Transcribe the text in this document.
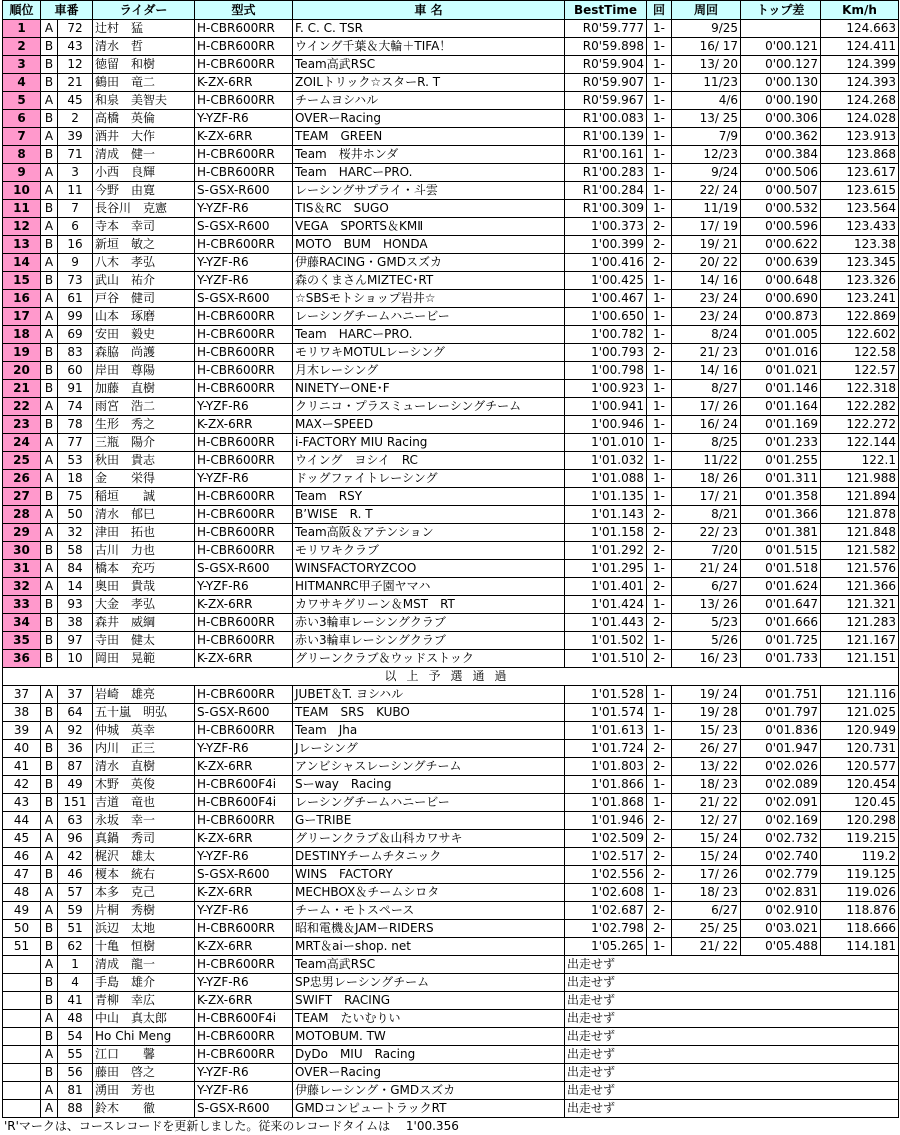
順位	車番		ライダー	型式	車 名	BestTime	回	周回	トップ差	Km/h
1	A	72	辻村　猛	H-CBR600RR	F. C. C. TSR	R0'59.777	1-	9/25		124.663
2	B	43	清水　哲	H-CBR600RR	ウイング千葉＆大輪＋TIFA！	R0'59.898	1-	16/ 17	0'00.121	124.411
3	B	12	徳留　和樹	H-CBR600RR	Team高武RSC	R0'59.904	1-	13/ 20	0'00.127	124.399
4	B	21	鶴田　竜二	K-ZX-6RR	ZOILトリック☆スターR. T	R0'59.907	1-	11/23	0'00.130	124.393
5	A	45	和泉　美智夫	H-CBR600RR	チームヨシハル	R0'59.967	1-	4/6	0'00.190	124.268
6	B	2	高橋　英倫	Y-YZF-R6	OVERーRacing	R1'00.083	1-	13/ 25	0'00.306	124.028
7	A	39	酒井　大作	K-ZX-6RR	TEAM　GREEN	R1'00.139	1-	7/9	0'00.362	123.913
8	B	71	清成　健一	H-CBR600RR	Team　桜井ホンダ	R1'00.161	1-	12/23	0'00.384	123.868
9	A	3	小西　良輝	H-CBR600RR	Team　HARCーPRO.	R1'00.283	1-	9/24	0'00.506	123.617
10	A	11	今野　由寛	S-GSX-R600	レーシングサプライ・斗雲	R1'00.284	1-	22/ 24	0'00.507	123.615
11	B	7	長谷川　克憲	Y-YZF-R6	TIS＆RC　SUGO	R1'00.309	1-	11/19	0'00.532	123.564
12	A	6	寺本　幸司	S-GSX-R600	VEGA　SPORTS＆KMⅡ	1'00.373	2-	17/ 19	0'00.596	123.433
13	B	16	新垣　敏之	H-CBR600RR	MOTO　BUM　HONDA	1'00.399	2-	19/ 21	0'00.622	123.38
14	A	9	八木　孝弘	Y-YZF-R6	伊藤RACING・GMDスズカ	1'00.416	2-	20/ 22	0'00.639	123.345
15	B	73	武山　祐介	Y-YZF-R6	森のくまさんMIZTEC･RT	1'00.425	1-	14/ 16	0'00.648	123.326
16	A	61	戸谷　健司	S-GSX-R600	☆SBSモトショップ岩井☆	1'00.467	1-	23/ 24	0'00.690	123.241
17	A	99	山本　琢磨	H-CBR600RR	レーシングチームハニービー	1'00.650	1-	23/ 24	0'00.873	122.869
18	A	69	安田　毅史	H-CBR600RR	Team　HARCーPRO.	1'00.782	1-	8/24	0'01.005	122.602
19	B	83	森脇　尚護	H-CBR600RR	モリワキMOTULレーシング	1'00.793	2-	21/ 23	0'01.016	122.58
20	B	60	岸田　尊陽	H-CBR600RR	月木レーシング	1'00.798	1-	14/ 16	0'01.021	122.57
21	B	91	加藤　直樹	H-CBR600RR	NINETYーONE･F	1'00.923	1-	8/27	0'01.146	122.318
22	A	74	雨宮　浩二	Y-YZF-R6	クリニコ・プラスミューレーシングチーム	1'00.941	1-	17/ 26	0'01.164	122.282
23	B	78	生形　秀之	K-ZX-6RR	MAXーSPEED	1'00.946	1-	16/ 24	0'01.169	122.272
24	A	77	三瓶　陽介	H-CBR600RR	i-FACTORY MIU Racing	1'01.010	1-	8/25	0'01.233	122.144
25	A	53	秋田　貴志	H-CBR600RR	ウイング　ヨシイ　RC	1'01.032	1-	11/22	0'01.255	122.1
26	A	18	金　　栄得	Y-YZF-R6	ドッグファイトレーシング	1'01.088	1-	18/ 26	0'01.311	121.988
27	B	75	稲垣　　誠	H-CBR600RR	Team　RSY	1'01.135	1-	17/ 21	0'01.358	121.894
28	A	50	清水　郁巳	H-CBR600RR	B’WISE　R. T	1'01.143	2-	8/21	0'01.366	121.878
29	A	32	津田　拓也	H-CBR600RR	Team高阪＆アテンション	1'01.158	2-	22/ 23	0'01.381	121.848
30	B	58	古川　力也	H-CBR600RR	モリワキクラブ	1'01.292	2-	7/20	0'01.515	121.582
31	A	84	橋本　充巧	S-GSX-R600	WINSFACTORYZCOO	1'01.295	1-	21/ 24	0'01.518	121.576
32	A	14	奥田　貴哉	Y-YZF-R6	HITMANRC甲子園ヤマハ	1'01.401	2-	6/27	0'01.624	121.366
33	B	93	大金　孝弘	K-ZX-6RR	カワサキグリーン＆MST　RT	1'01.424	1-	13/ 26	0'01.647	121.321
34	B	38	森井　威綱	H-CBR600RR	赤い3輪車レーシングクラブ	1'01.443	2-	5/23	0'01.666	121.283
35	B	97	寺田　健太	H-CBR600RR	赤い3輪車レーシングクラブ	1'01.502	1-	5/26	0'01.725	121.167
36	B	10	岡田　晃範	K-ZX-6RR	グリーンクラブ＆ウッドストック	1'01.510	2-	16/ 23	0'01.733	121.151
以上予選通過										
37	A	37	岩崎　雄亮	H-CBR600RR	JUBET＆T. ヨシハル	1'01.528	1-	19/ 24	0'01.751	121.116
38	B	64	五十嵐　明弘	S-GSX-R600	TEAM　SRS　KUBO	1'01.574	1-	19/ 28	0'01.797	121.025
39	A	92	仲城　英幸	H-CBR600RR	Team　Jha	1'01.613	1-	15/ 23	0'01.836	120.949
40	B	36	内川　正三	Y-YZF-R6	Jレーシング	1'01.724	2-	26/ 27	0'01.947	120.731
41	B	87	清水　直樹	K-ZX-6RR	アンビシャスレーシングチーム	1'01.803	2-	13/ 22	0'02.026	120.577
42	B	49	木野　英俊	H-CBR600F4i	Sーway　Racing	1'01.866	1-	18/ 23	0'02.089	120.454
43	B	151	吉道　竜也	H-CBR600F4i	レーシングチームハニービー	1'01.868	1-	21/ 22	0'02.091	120.45
44	A	63	永坂　幸一	H-CBR600RR	GーTRIBE	1'01.946	2-	12/ 27	0'02.169	120.298
45	A	96	真鍋　秀司	K-ZX-6RR	グリーンクラブ＆山科カワサキ	1'02.509	2-	15/ 24	0'02.732	119.215
46	A	42	梶沢　雄太	Y-YZF-R6	DESTINYチームチタニック	1'02.517	2-	15/ 24	0'02.740	119.2
47	B	46	榎本　統右	S-GSX-R600	WINS　FACTORY	1'02.556	2-	17/ 26	0'02.779	119.125
48	A	57	本多　克己	K-ZX-6RR	MECHBOX＆チームシロタ	1'02.608	1-	18/ 23	0'02.831	119.026
49	A	59	片桐　秀樹	Y-YZF-R6	チーム・モトスペース	1'02.687	2-	6/27	0'02.910	118.876
50	B	51	浜辺　太地	H-CBR600RR	昭和電機＆JAMーRIDERS	1'02.798	2-	25/ 25	0'03.021	118.666
51	B	62	十亀　恒樹	K-ZX-6RR	MRT＆aiーshop. net	1'05.265	1-	21/ 22	0'05.488	114.181
	A	1	清成　龍一	H-CBR600RR	Team高武RSC	出走せず				
	B	4	手島　雄介	Y-YZF-R6	SP忠男レーシングチーム	出走せず				
	B	41	青柳　幸広	K-ZX-6RR	SWIFT　RACING	出走せず				
	A	48	中山　真太郎	H-CBR600F4i	TEAM　たいむりい	出走せず				
	B	54	Ho Chi Meng	H-CBR600RR	MOTOBUM. TW	出走せず				
	A	55	江口　　馨	H-CBR600RR	DyDo　MIU　Racing	出走せず				
	B	56	藤田　啓之	Y-YZF-R6	OVERーRacing	出走せず				
	A	81	湧田　芳也	Y-YZF-R6	伊藤レーシング・GMDスズカ	出走せず				
	A	88	鈴木　　徹	S-GSX-R600	GMDコンピュートラックRT	出走せず				
'R'マークは、コースレコードを更新しました。従来のレコードタイムは　 1'00.356
